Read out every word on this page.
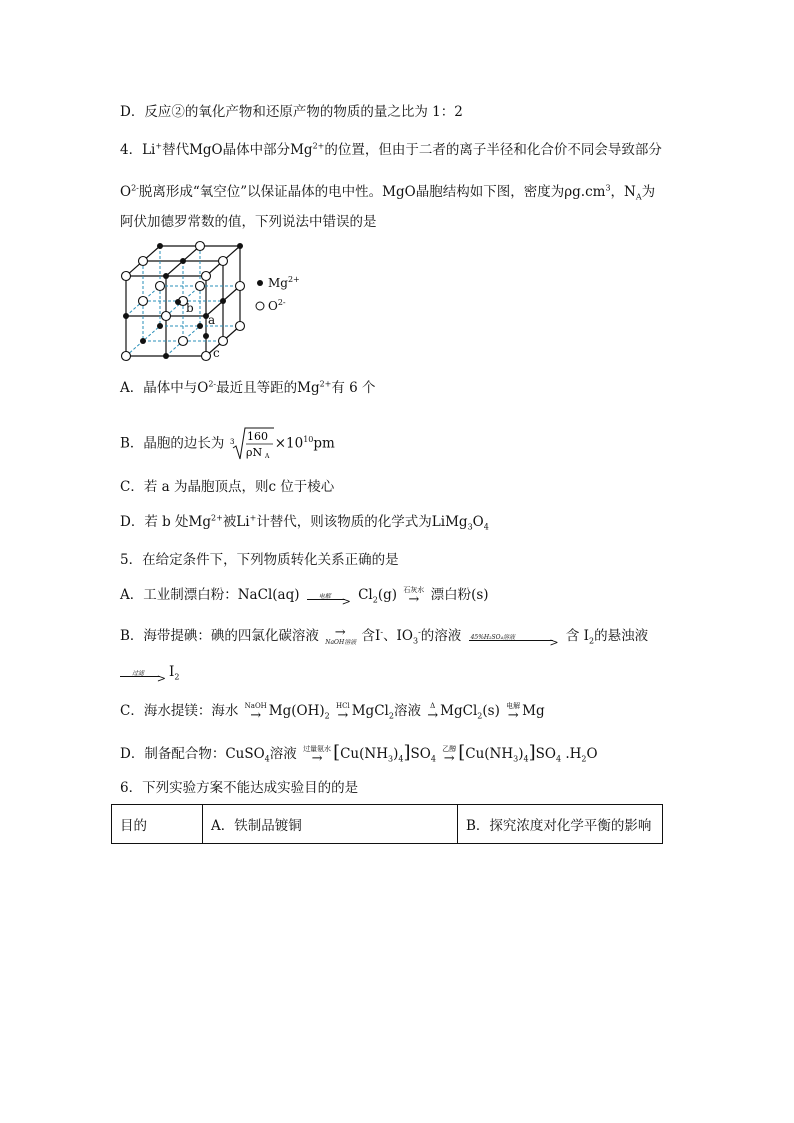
D．反应②的氧化产物和还原产物的物质的量之比为 1：2
4．Li+替代MgO晶体中部分$Mg^{2+}$的位置，但由于二者的离子半径和化合价不同会导致部分
$O^{2-}$脱离形成“氧空位”以保证晶体的电中性。MgO晶胞结构如下图，密度为$\rho g.cm^3$，$N_A$为
阿伏加德罗常数的值，下列说法中错误的是
$Mg^{2+}$
$O^{2-}$
a
b
c
A．晶体中与$O^{2-}$最近且等距的$Mg^{2+}$有 6 个
B．晶胞的边长为 3 160
ρN A
$\times 10^{10}pm$
C．若 a 为晶胞顶点，则c 位于棱心
D．若 b 处$Mg^{2+}$被Li+计替代，则该物质的化学式为$LiMg_3O_4$
5．在给定条件下，下列物质转化关系正确的是
A．工业制漂白粉：NaCl(aq)	电解 > $Cl_2(g)$ 石灰水
→ 漂白粉(s)
B．海带提碘：碘的四氯化碳溶液	→
NaOH溶液 含I-、$IO_3^-$的溶液 45%H₂SO₄溶液	> 含 $I_2$的悬浊液
过滤 > $I_2$
C．海水提镁：海水 NaOH
→ $Mg(OH)_2$
HCl
→ MgCl$_2$溶液	Δ
→ MgCl$_2$(s) 电解
→ Mg
D．制备配合物：CuSO$_4$溶液 过量氨水
→ $[Cu(NH_3)_4]SO_4$
乙醇
→ $[Cu(NH_3)_4]SO_4$ $.H_2O$
6．下列实验方案不能达成实验目的的是
目的	A．铁制品镀铜	B．探究浓度对化学平衡的影响
